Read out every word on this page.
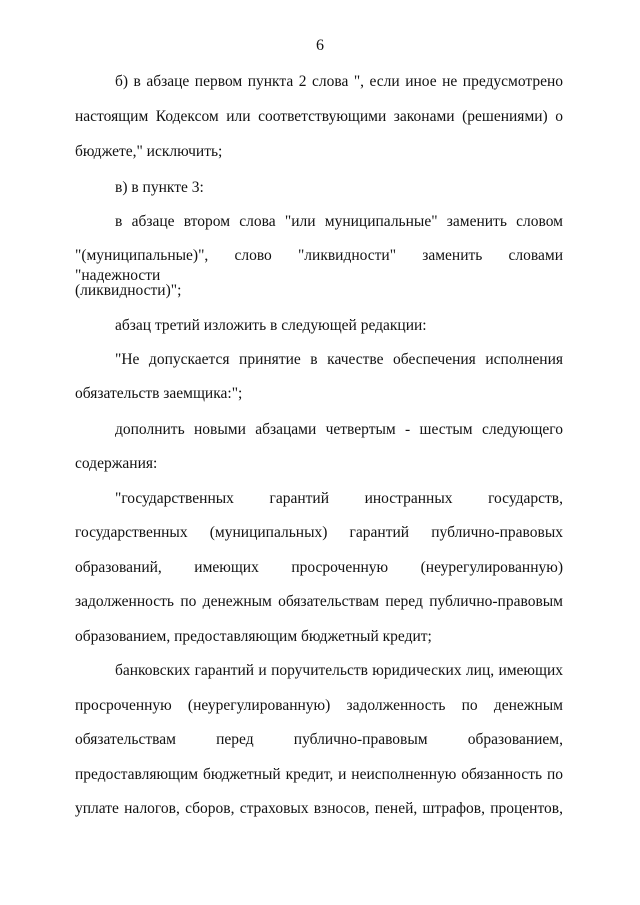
6
б) в абзаце первом пункта 2 слова ", если иное не предусмотрено
настоящим Кодексом или соответствующими законами (решениями) о
бюджете," исключить;
в) в пункте 3:
в абзаце втором слова "или муниципальные" заменить словом
"(муниципальные)", слово "ликвидности" заменить словами "надежности
(ликвидности)";
абзац третий изложить в следующей редакции:
"Не допускается принятие в качестве обеспечения исполнения
обязательств заемщика:";
дополнить новыми абзацами четвертым - шестым следующего
содержания:
"государственных гарантий иностранных государств,
государственных (муниципальных) гарантий публично-правовых
образований, имеющих просроченную (неурегулированную)
задолженность по денежным обязательствам перед публично-правовым
образованием, предоставляющим бюджетный кредит;
банковских гарантий и поручительств юридических лиц, имеющих
просроченную (неурегулированную) задолженность по денежным
обязательствам перед публично-правовым образованием,
предоставляющим бюджетный кредит, и неисполненную обязанность по
уплате налогов, сборов, страховых взносов, пеней, штрафов, процентов,
